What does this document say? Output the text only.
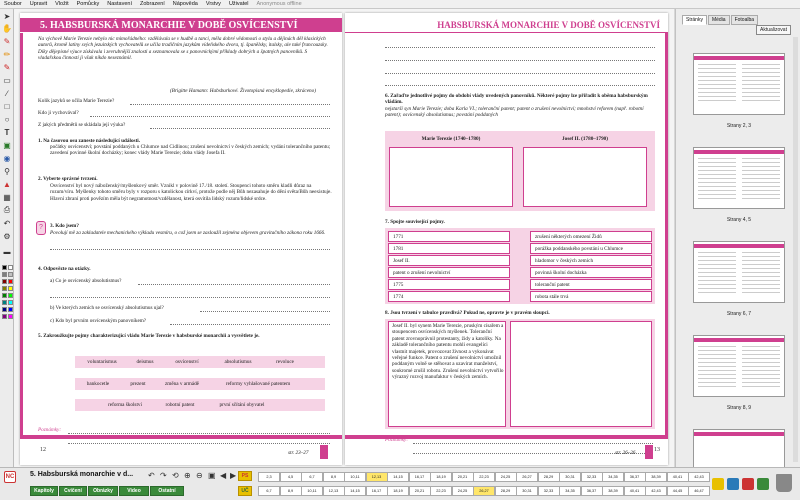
Soubor Upravit Vložit Pomůcky Nastavení Zobrazení Nápověda Vrstvy Uživatel Anonymous offline
➤
✋
✎
✏
✎
▭
∕
□
○
T
▣
◉
⚲
▲
▦
⎙
↶
⚙
▬
5. HABSBURSKÁ MONARCHIE V DOBĚ OSVÍCENSTVÍ
Na výchově Marie Terezie nebylo nic mimořádného: vzdělávala se v hudbě a tanci, měla dobré vědomosti o stylu a dějinách děl klasických autorů, kromě latiny svých jezuitských vychovatelů se učila tradičním jazykům vídeňského dvora, tj. španělsky, italsky, ale také francouzsky. Díky dějepisné výuce získávala i zevrubnější znalosti a seznamovala se s panovnickými příklady dobrých a špatných panovníků. S vladařskou činností ji však nikdo neseznámil.
(Brigitte Hamann: Habsburkové. Životopisná encyklopedie, zkráceno)
Kolik jazyků se učila Marie Terezie?
Kdo ji vychovával?
Z jakých předmětů se skládala její výuka?
1. Na časovou osu zaneste následující události.
počátky osvícenství; povstání poddaných u Chlumce nad Cidlinou; zrušení nevolnictví v českých zemích; vydání tolerančního patentu; zavedení povinné školní docházky; konec vlády Marie Terezie; doba vlády Josefa II.
2. Vyberte správné tvrzení.
Osvícenství byl nový náboženský/myšlenkový směr. Vznikl v polovině 17./18. století. Stoupenci tohoto směru kladli důraz na rozum/víru. Myšlenky tohoto směru byly v rozporu s katolickou církví, protože podle něj Bůh nezasahuje do dění světa/Bůh neexistuje. Hlavní zbraní proti povězím měla být negramotnost/vzdělanost, která osvítila lidský rozum/lidské srdce.
?	3. Kdo jsem?
Povolují mě za zakladatele mechanického výkladu vesmíru, o což jsem se zasloužil zejména objevem gravitačního zákona roku 1666.
4. Odpovězte na otázky.
a) Co je osvícenský absolutismus?
b) Ve kterých zemích se osvícenský absolutismus ujal?
c) Kdo byl prvním osvícenským panovníkem?
5. Zakroužkujte pojmy charakterizující vládu Marie Terezie v habsburské monarchii a vysvětlete je.
voluntarismus	deismus	osvícenství	absolutismus	revoluce
bankocetle	prezent	změna v armádě	reformy vyhlašované patentem
reforma školství	robotní patent	první sčítání obyvatel
Poznámky:
12	str. 23–27
HABSBURSKÁ MONARCHIE V DOBĚ OSVÍCENSTVÍ
6. Zařaďte jednotlivé pojmy do období vlády uvedených panovníků. Některé pojmy lze přiřadit k oběma habsburským vládám.
nejstarší syn Marie Terezie; doba Karla VI.; toleranční patent; patent o zrušení nevolnictví; mnohství reforem (např. robotní patent); osvícenský absolutismus; povstání poddaných
Marie Terezie (1740–1780)	Josef II. (1780–1790)
7. Spojte související pojmy.
8. Jsou tvrzení v tabulce pravdivá? Pokud ne, opravte je v pravém sloupci.
Josef II. byl synem Marie Terezie, prusk​ým císařem a stoupencem osvícenských myšlenek. Toleranční patent zrovnoprávnil protestanty, židy a katolíky. Na základě tolerančního patentu mohli evangelíci vlastnit majetek, provozovat živnost a vykonávat veřejné funkce. Patent o zrušení nevolnictví umožnil poddaným volně se stěhovat a uzavírat manželství, soukromé zrušil robotu. Zrušení nevolnictví vytvořilo výrazný rozvoj manufaktur v českých zemích.
Poznámky:
13
str. 26–26
1771
1781
Josef II.
patent o zrušení nevolnictví
1775
1774
zrušení některých omezení Židů
porážka poddanského povstání u Chlumce
hladomor v českých zemích
povinná školní docházka
toleranční patent
robota stále trvá
Stránky	Média	Fotoalba
Aktualizovat
Strany 2, 3
Strany 4, 5
Strany 6, 7
Strany 8, 9
NC 5. Habsburská monarchie v d... ↶ ↷ ⟲ ⊕ ⊖ ▣ ◀ ▶
Kapitoly	Cvičení	Obrázky	Video	Ostatní
PS
UČ
2,3	4,5	6,7	8,9	10,11	12,13	14,15	16,17	18,19	20,21	22,23	24,25	26,27	28,29	30,31	32,33	34,35	36,37	38,39	40,41	42,43
6,7	8,9	10,11	12,13	14,15	16,17	18,19	20,21	22,23	24,25	26,27	28,29	30,31	32,33	34,35	36,37	38,39	40,41	42,43	44,45	46,47
